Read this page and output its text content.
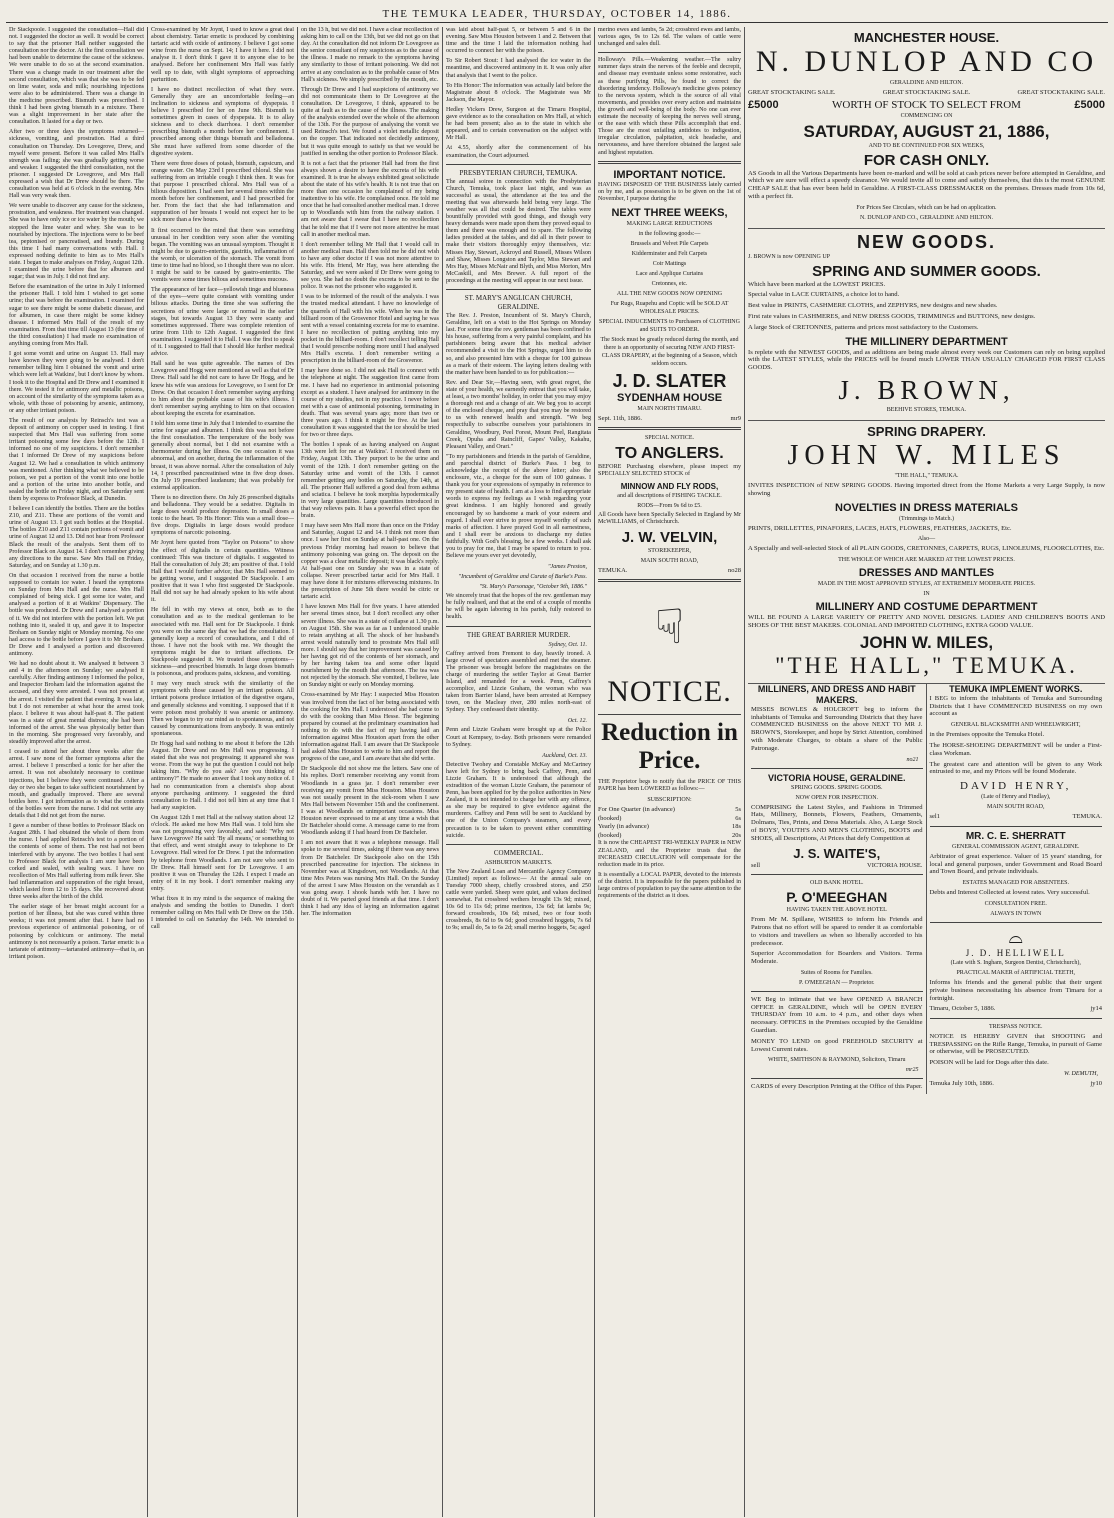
THE TEMUKA LEADER, THURSDAY, OCTOBER 14, 1886.

Dr Stackpoole. I suggested the consultation—Hall did not. I suggested the doctor as well. It would be correct to say that the prisoner Hall neither suggested the consultation nor the doctor. At the first consultation we had been unable to determine the cause of the sickness. We were unable to do so at the second examination. There was a change made in our treatment after the second consultation, which was that she was to be fed on lime water, soda and milk; nourishing injections were also to be administered. There was a change in the medicine prescribed. Bismuth was prescribed. I think I had been giving bismuth in a mixture. There was a slight improvement in her state after the consultation. It lasted for a day or two.

After two or three days the symptoms returned—sickness, vomiting, and prostration. Had a third consultation on Thursday. Drs Lovegrove, Drew, and myself were present. Before it was called Mrs Hall's strength was failing; she was gradually getting worse and weaker. I suggested the third consultation, not the prisoner. I suggested Dr Lovegrove, and Mrs Hall expressed a wish that Dr Drew should be there. The consultation was held at 6 o'clock in the evening. Mrs Hall was very weak then.

We were unable to discover any cause for the sickness, prostration, and weakness. Her treatment was changed. She was to have only ice or ice water by the mouth; we stopped the lime water and whey. She was to be nourished by injections. The injections were to be beef tea, peptonised or pancreatised, and brandy. During this time I had many conversations with Hall. I expressed nothing definite to him as to Mrs Hall's state. I began to make analyses on Friday, August 12th. I examined the urine before that for albumen and sugar; that was in July. I did not find any.

Before the examination of the urine in July I informed the prisoner Hall. I told him I wished to get some urine; that was before the examination. I examined for sugar to see there might be some diabetic disease, and for albumen, in case there might be some kidney disease. I informed Mrs Hall of the result of my examination. From that time till August 13 (the time of the third consultation) I had made no examination of anything coming from Mrs Hall.

I got some vomit and urine on August 13. Hall may have known they were going to be analysed. I don't remember telling him I obtained the vomit and urine which were left at Watkins', but I don't know by whom. I took it to the Hospital and Dr Drew and I examined it there. We tested it for antimony and metallic poisons, on account of the similarity of the symptoms taken as a whole, with those of poisoning by arsenic, antimony, or any other irritant poison.

The result of our analysis by Reinsch's test was a deposit of antimony on copper used in testing. I first suspected that Mrs Hall was suffering from some irritant poisoning some few days before the 12th. I informed no one of my suspicions. I don't remember that I informed Dr Drew of my suspicions before August 12. We had a consultation in which antimony was mentioned. After thinking what we believed to be poison, we put a portion of the vomit into one bottle and a portion of the urine into another bottle, and sealed the bottle on Friday night, and on Saturday sent them by express to Professor Black, at Dunedin.

I believe I can identify the bottles. There are the bottles Z10, and Z11. These are portions of the vomit and urine of August 13. I got such bottles at the Hospital. The bottles Z10 and Z11 contain portions of vomit and urine of August 12 and 13. Did not hear from Professor Black the result of the analysis. Sent them off to Professor Black on August 14. I don't remember giving any directions to the nurse. Saw Mrs Hall on Friday, Saturday, and on Sunday at 1.30 p.m.

On that occasion I received from the nurse a bottle supposed to contain ice water. I heard the symptoms on Sunday from Mrs Hall and the nurse. Mrs Hall complained of being sick. I got some ice water, and analysed a portion of it at Watkins' Dispensary. The bottle was produced. Dr Drew and I analysed a portion of it. We did not interfere with the portion left. We put nothing into it, sealed it up, and gave it to Inspector Broham on Sunday night or Monday morning. No one had access to the bottle before I gave it to Mr Broham. Dr Drew and I analysed a portion and discovered antimony.

We had no doubt about it. We analysed it between 3 and 4 in the afternoon on Sunday; we analysed it carefully. After finding antimony I informed the police, and Inspector Broham laid the information against the accused, and they were arrested. I was not present at the arrest. I visited the patient that evening. It was late, but I do not remember at what hour the arrest took place. I believe it was about half-past 8. The patient was in a state of great mental distress; she had been informed of the arrest. She was physically better than in the morning. She progressed very favorably, and steadily improved after the arrest.

I ceased to attend her about three weeks after the arrest. I saw none of the former symptoms after the arrest. I believe I prescribed a tonic for her after the arrest. It was not absolutely necessary to continue injections, but I believe they were continued. After a day or two she began to take sufficient nourishment by mouth, and gradually improved. There are several bottles here. I got information as to what the contents of the bottles were from the nurse. I did not write any details that I did not get from the nurse.

I gave a number of these bottles to Professor Black on August 28th. I had obtained the whole of them from the nurse. I had applied Reinsch's test to a portion of the contents of some of them. The rest had not been interfered with by anyone. The two bottles I had sent to Professor Black for analysis I am sure have been corked and sealed, with sealing wax. I have no recollection of Mrs Hall suffering from milk fever. She had inflammation and suppuration of the right breast, which lasted from 12 to 15 days. She recovered about three weeks after the birth of the child.

The earlier stage of her breast might account for a portion of her illness, but she was cured within three weeks; it was not present after that. I have had no previous experience of antimonial poisoning, or of poisoning by colchicum or antimony. The metal antimony is not necessarily a poison. Tartar emetic is a tartarate of antimony—tartarated antimony—that is, an irritant poison.

Cross-examined by Mr Joynt, I used to know a great deal about chemistry. Tartar emetic is produced by combining tartaric acid with oxide of antimony. I believe I got some wine from the nurse on Sept. 14; I have it here. I did not analyse it. I don't think I gave it to anyone else to be analysed. Before her confinement Mrs Hall was fairly well up to date, with slight symptoms of approaching parturition.

I have no distinct recollection of what they were. Generally they are an uncomfortable feeling—an inclination to sickness and symptoms of dyspepsia. I believe I prescribed for her on June 9th. Bismuth is sometimes given in cases of dyspepsia. It is to allay sickness and to check diarrhoea. I don't remember prescribing bismuth a month before her confinement. I prescribed among other things bismuth and belladonna. She must have suffered from some disorder of the digestive system.

There were three doses of potash, bismuth, capsicum, and orange water. On May 23rd I prescribed chloral. She was suffering from an irritable cough I think then. It was for that purpose I prescribed chloral. Mrs Hall was of a bilious disposition. I had seen her several times within the month before her confinement, and I had prescribed for her. From the fact that she had inflammation and suppuration of her breasts I would not expect her to be sick more than a few hours.

It first occurred to the mind that there was something unusual in her condition very soon after the vomiting began. The vomiting was an unusual symptom. Thought it might be due to gastro-enteritis, gastritis, inflammation of the womb, or ulceration of the stomach. The vomit from time to time had no blood, so I thought there was no ulcer. I might be said to be caused by gastro-enteritis. The vomits were some times bilious and sometimes mucous.

The appearance of her face—yellowish tinge and blueness of the eyes—were quite constant with vomiting under bilious attacks. During the time she was suffering the secretions of urine were large or normal in the earlier stages, but towards August 13 they were scanty and sometimes suppressed. There was complete retention of urine from 11th to 12th August. I suggested the first examination. I suggested it to Hall. I was the first to speak of it. I suggested to Hall that I should like further medical advice.

Hall said he was quite agreeable. The names of Drs Lovegrove and Hogg were mentioned as well as that of Dr Drew. Hall said he did not care to have Dr Hogg, and he knew his wife was anxious for Lovegrove, so I sent for Dr Drew. On that occasion I don't remember saying anything to him about the probable cause of his wife's illness. I don't remember saying anything to him on that occasion about keeping the excreta for examination.

I told him some time in July that I intended to examine the urine for sugar and albumen. I think this was not before the first consultation. The temperature of the body was generally about normal, but I did not examine with a thermometer during her illness. On one occasion it was abnormal, and on another, during the inflammation of the breast, it was above normal. After the consultation of July 14, I prescribed pancreatinised wine in five drop doses. On July 19 prescribed laudanum; that was probably for external application.

There is no direction there. On July 26 prescribed digitalis and belladonna. They would be a sedative. Digitalis in large doses would produce depression. In small doses a tonic to the heart. To His Honor: This was a small dose—five drops. Digitalis in large doses would produce symptoms of narcotic poisoning.

Mr Joynt here quoted from "Taylor on Poisons" to show the effect of digitalis in certain quantities. Witness continued: This was tincture of digitalis. I suggested to Hall the consultation of July 28; am positive of that. I told Hall that I would further advice; that Mrs Hall seemed to be getting worse, and I suggested Dr Stackpoole. I am positive that it was I who first suggested Dr Stackpoole. Hall did not say he had already spoken to his wife about it.

He fell in with my views at once, both as to the consultation and as to the medical gentleman to be associated with me. Hall sent for Dr Stackpoole. I think you were on the same day that we had the consultation. I generally keep a record of consultations, and I did of those. I have not the book with me. We thought the symptoms might be due to irritant affections. Dr Stackpoole suggested it. We treated those symptoms—sickness—and prescribed bismuth. In large doses bismuth is poisonous, and produces pains, sickness, and vomiting.

I may very much struck with the similarity of the symptoms with those caused by an irritant poison. All irritant poisons produce irritation of the digestive organs, and generally sickness and vomiting. I supposed that if it were poison most probably it was arsenic or antimony. Then we began to try our mind as to spontaneous, and not caused by communications from anybody. It was entirely spontaneous.

Dr Hogg had said nothing to me about it before the 12th August. Dr Drew and no Mrs Hall was progressing. I stated that she was not progressing; it appeared she was worse. From the way he put the question I could not help taking him. "Why do you ask? Are you thinking of antimony?" He made no answer that I took any notice of. I had no communication from a chemist's shop about anyone purchasing antimony. I suggested the third consultation to Hall. I did not tell him at any time that I had any suspicion.

On August 12th I met Hall at the railway station about 12 o'clock. He asked me how Mrs Hall was. I told him she was not progressing very favorably, and said: "Why not have Lovegrove? He said: 'By all means,' or something to that effect, and went straight away to telephone to Dr Lovegrove. Hall wired for Dr Drew. I put the information by telephone from Woodlands. I am not sure who sent to Dr Drew. Hall himself sent for Dr Lovegrove. I am positive it was on Thursday the 12th. I expect I made an entry of it in my book. I don't remember making any entry.

What fixes it in my mind is the sequence of making the analysis and sending the bottles to Dunedin. I don't remember calling on Mrs Hall with Dr Drew on the 15th. I intended to call on Saturday the 14th. We intended to call

on the 13 h, but we did not. I have a clear recollection of asking him to call on the 13th, but we did not go on that day. At the consultation did not inform Dr Lovegrove as the senior consultant of my suspicions as to the cause of the illness. I made no remark to the symptoms having any similarity to those of irritant poisoning. We did not arrive at any conclusion as to the probable cause of Mrs Hall's sickness. We simply prescribed by the mouth, etc.

Through Dr Drew and I had suspicions of antimony we did not communicate them to Dr Lovegrove at the consultation. Dr Lovegrove, I think, appeared to be quite at fault as to the cause of the illness. The making of the analysis extended over the whole of the afternoon of the 13th. For the purpose of analysing the vomit we used Reinsch's test. We found a violet metallic deposit on the copper. That indicated not decidedly antimony, but it was quite enough to satisfy us that we would be justified in sending the other portion to Professor Black.

It is not a fact that the prisoner Hall had from the first always shown a desire to have the excreta of his wife examined. It is true he always exhibited great solicitude about the state of his wife's health. It is not true that on more than one occasion he complained of my being inattentive to his wife. He complained once. He told me once that he had consulted another medical man. I drove up to Woodlands with him from the railway station. I am not aware that I swear that I have no recollection that he told me that if I were not more attentive he must call in another medical man.

I don't remember telling Mr Hall that I would call in another medical man. Hall then told me he did not wish to have any other doctor if I was not more attentive to his wife. His friend, Mr Hay, was here attending the Saturday, and we were asked if Dr Drew were going to see you. She had no doubt the excreta to be sent to the police. It was not the prisoner who suggested it.

I was to be informed of the result of the analysis. I was the trusted medical attendant. I have no knowledge of the quarrels of Hall with his wife. When he was in the billiard room of the Grosvenor Hotel and saying he was sent with a vessel containing excreta for me to examine. I have no recollection of putting anything into my pocket in the billiard-room. I don't recollect telling Hall that I would prescribe nothing more until I had analysed Mrs Hall's excreta. I don't remember writing a prescription in the billiard-room of the Grosvenor.

I may have done so. I did not ask Hall to connect with the telephone at night. The suggestion first came from me. I have had no experience in antimonial poisoning except as a student. I have analysed for antimony in the course of my studies, not in my practice. I never before met with a case of antimonial poisoning, terminating in death. That was several years ago; more than two or three years ago. I think it might be five. At the last consultation it was suggested that the ice should be tried for two or three days.

The bottles I speak of as having analysed on August 13th were left for me at Watkins'. I received them on Friday, August 13th. They purport to be the urine and vomit of the 12th. I don't remember getting on the Saturday urine and vomit of the 13th. I cannot remember getting any bottles on Saturday, the 14th, at all. The prisoner Hall suffered a good deal from asthma and sciatica. I believe he took morphia hypodermically in very large quantities. Large quantities introduced in that way relieves pain. It has a powerful effect upon the brain.

I may have seen Mrs Hall more than once on the Friday and Saturday, August 12 and 14. I think not more than once. I saw her first on Sunday at half-past one. On the previous Friday morning had reason to believe that antimony poisoning was going on. The deposit on the copper was a clear metallic deposit; it was black's reply. At half-past one on Sunday she was in a state of collapse. Never prescribed tartar acid for Mrs Hall. I may have done it for mixtures effervescing mixtures. In the prescription of June 5th there would be citric or tartaric acid.

I have known Mrs Hall for five years. I have attended her several times since, but I don't recollect any other severe illness. She was in a state of collapse at 1.30 p.m. on August 15th. She was as far as I understood unable to retain anything at all. The shock of her husband's arrest would naturally tend to prostrate Mrs Hall still more. I should say that her improvement was caused by her having got rid of the contents of her stomach, and by her having taken tea and some other liquid nourishment by the mouth that afternoon. The tea was not rejected by the stomach. She vomited, I believe, late on Sunday night or early on Monday morning.

Cross-examined by Mr Hay: I suspected Miss Houston was involved from the fact of her being associated with the cooking for Mrs Hall. I understood she had come to do with the cooking than Miss Hesse. The beginning prepared by counsel at the preliminary examination had nothing to do with the fact of my having laid an information against Miss Houston apart from the other information against Hall. I am aware that Dr Stackpoole had asked Miss Houston to write to him and report the progress of the case, and I am aware that she did write.

Dr Stackpoole did not show me the letters. Saw one of his replies. Don't remember receiving any vomit from Woodlands in a grass jar. I don't remember ever receiving any vomit from Miss Houston. Miss Houston was not usually present in the sick-room when I saw Mrs Hall between November 15th and the confinement. I was at Woodlands on unimportant occasions. Miss Houston never expressed to me at any time a wish that Dr Batcheler should come. A message came to me from Woodlands asking if I had heard from Dr Batcheler.

I am not aware that it was a telephone message. Hall spoke to me several times, asking if there was any news from Dr Batcheler. Dr Stackpoole also on the 15th prescribed pancreatine for injection. The sickness in November was at Kingsdown, not Woodlands. At that time Mrs Peters was nursing Mrs Hall. On the Sunday of the arrest I saw Miss Houston on the verandah as I was going away. I shook hands with her. I have no doubt of it. We parted good friends at that time. I don't think I had any idea of laying an information against her. The information

was laid about half-past 5, or between 5 and 6 in the evening. Saw Miss Houston between 1 and 2. Between that time and the time I laid the information nothing had occurred to connect her with the poison.

To Sir Robert Stout: I had analysed the ice water in the meantime, and discovered antimony in it. It was only after that analysis that I went to the police.

To His Honor: The information was actually laid before the Magistrate about 8 o'clock. The Magistrate was Mr Jackson, the Mayor.

Hedley Vickers Drew, Surgeon at the Timaru Hospital, gave evidence as to the consultation on Mrs Hall, at which he had been present; also as to the state in which she appeared, and to certain conversation on the subject with Mr Hall.

At 4.55, shortly after the commencement of his examination, the Court adjourned.

PRESBYTERIAN CHURCH, TEMUKA.

The annual soiree in connection with the Presbyterian Church, Temuka, took place last night, and was as successful as usual, the attendance at the tea and the meeting that was afterwards held being very large. The weather was all that could be desired. The tables were bountifully provided with good things, and though very heavy demands were made upon them they proved equal to them and there was enough and to spare. The following ladies presided at the tables, and did all in their power to make their visitors thoroughly enjoy themselves, viz: Misses Hay, Stewart, Ackroyd and Russell, Misses Wilson and Shaw, Misses Longston and Taylor, Miss Stewart and Mrs Hay, Misses McNair and Blyth, and Miss Morton, Mrs McCaskill, and Mrs Brewer. A full report of the proceedings at the meeting will appear in our next issue.

ST. MARY'S ANGLICAN CHURCH, GERALDINE.

The Rev. J. Preston, Incumbent of St. Mary's Church, Geraldine, left on a visit to the Hot Springs on Monday last. For some time the rev. gentleman has been confined to his house, suffering from a very painful complaint, and his parishioners being aware that his medical adviser recommended a visit to the Hot Springs, urged him to do so, and also presented him with a cheque for 100 guineas as a mark of their esteem. The laying letters dealing with the matter have been handed to us for publication:—

Rev. and Dear Sir,—Having seen, with great regret, the state of your health, we earnestly entreat that you will take, at least, a two months' holiday, in order that you may enjoy a thorough rest and a change of air. We beg you to accept of the enclosed cheque, and pray that you may be restored to us with renewed health and strength. "We beg respectfully to subscribe ourselves your parishioners in Geraldine, Woodbury, Peel Forest, Mount Peel, Rangitata Creek, Opuha and Raincliff, Gapes' Valley, Kakahu, Pleasant Valley, and Orari."

"To my parishioners and friends in the parish of Geraldine, and parochial district of Burke's Pass. I beg to acknowledge the receipt of the above letter; also the enclosure, viz., a cheque for the sum of 100 guineas. I thank you for your expressions of sympathy in reference to my present state of health. I am at a loss to find appropriate words to express my feelings as I wish regarding your great kindness. I am highly honored and greatly encouraged by so handsome a mark of your esteem and regard. I shall ever strive to prove myself worthy of such marks of affection. I have prayed God in all earnestness, and I shall ever be anxious to discharge my duties faithfully. With God's blessing, be a few weeks. I shall ask you to pray for me, that I may be spared to return to you. Believe me yours ever yet devotedly,

"James Preston,
"Incumbent of Geraldine and Curate of Burke's Pass.
"St. Mary's Parsonage, "October 9th, 1886."

We sincerely trust that the hopes of the rev. gentleman may be fully realised, and that at the end of a couple of months he will be again laboring in his parish, fully restored to health.

THE GREAT BARRIER MURDER.
Sydney, Oct. 11.

Caffrey arrived from Fremont to day, heavily ironed. A large crowd of spectators assembled and met the steamer. The prisoner was brought before the magistrates on the charge of murdering the settler Taylor at Great Barrier Island, and remanded for a week. Penn, Caffrey's accomplice, and Lizzie Graham, the woman who was taken from Barrier Island, have been arrested at Kempsey town, on the Macleay river, 280 miles north-east of Sydney. They confessed their identity.

Oct. 12.

Penn and Lizzie Graham were brought up at the Police Court at Kempsey, to-day. Both prisoners were remanded to Sydney.

Auckland, Oct. 13.

Detective Twohey and Constable McKay and McCartney have left for Sydney to bring back Caffrey, Penn, and Lizzie Graham. It is understood that although the extradition of the woman Lizzie Graham, the paramour of Penn, has been applied for by the police authorities in New Zealand, it is not intended to charge her with any offence, as she may be required to give evidence against the murderers. Caffrey and Penn will be sent to Auckland by one of the Union Company's steamers, and every precaution is to be taken to prevent either committing suicide.

COMMERCIAL.
ASHBURTON MARKETS.

The New Zealand Loan and Mercantile Agency Company (Limited) report as follows:— At the annual sale on Tuesday 7000 sheep, chiefly crossbred stores, and 250 cattle were yarded. Sheep were quiet, and values declined somewhat. Fat crossbred wethers brought 13s 9d; mixed, 10s 6d to 11s 6d; prime merinos, 13s 6d; fat lambs 9s; forward crossbreds, 10s 6d; mixed, two or four tooth crossbreds, 8s 6d to 9s 6d; good crossbred hoggets, 7s 6d to 9s; small do, 5s to 6s 2d; small merino hoggets, 5s; aged

merino ewes and lambs, 5s 2d; crossbred ewes and lambs, various ages, 9s to 12s 6d. The values of cattle were unchanged and sales dull.

Holloway's Pills.—Weakening weather.—The sultry summer days strain the nerves of the feeble and decrepit, and disease may eventuate unless some restorative, such as these purifying Pills, be found to correct the disordering tendency. Holloway's medicine gives potency to the nervous system, which is the source of all vital movements, and presides over every action and maintains the growth and well-being of the body. No one can ever estimate the necessity of keeping the nerves well strung, or the ease with which these Pills accomplish that end. Those are the most unfailing antidotes to indigestion, irregular circulation, palpitation, sick headache, and nervousness, and have therefore obtained the largest sale and highest reputation.

IMPORTANT NOTICE.

HAVING DISPOSED OF THE BUSINESS lately carried on by me, and as possession is to be given on the 1st of November, I purpose during the

NEXT THREE WEEKS,
MAKING LARGE REDUCTIONS
in the following goods:—
Brussels and Velvet Pile Carpets
Kidderminster and Felt Carpets
Coir Mattings
Lace and Applique Curtains
Cretonnes, etc.
ALL THE NEW GOODS NOW OPENING
Fur Rugs, Ruapehu and Coptic will be SOLD AT WHOLESALE PRICES.
SPECIAL INDUCEMENTS to Purchasers of CLOTHING and SUITS TO ORDER.
The Stock must be greatly reduced during the month, and there is an opportunity of securing NEW AND FIRST-CLASS DRAPERY, at the beginning of a Season, which seldom occurs.
J. D. SLATER
SYDENHAM HOUSE
MAIN NORTH TIMARU.
Sept. 11th, 1886.	mr9
SPECIAL NOTICE.
TO ANGLERS.

BEFORE Purchasing elsewhere, please inspect my SPECIALLY SELECTED STOCK of

MINNOW AND FLY RODS,
and all descriptions of FISHING TACKLE.
RODS—From 9s 6d to £5.

All Goods have been Specially Selected in England by Mr McWILLIAMS, of Christchurch.

J. W. VELVIN,
STOREKEEPER,
MAIN SOUTH ROAD,
TEMUKA.	no28
☟
NOTICE.
Reduction in Price.

THE Proprietor begs to notify that the PRICE OF THIS PAPER has been LOWERED as follows:—

SUBSCRIPTION:
For One Quarter (in advance)	5s
(booked)	6s
Yearly (in advance)	18s
(booked)	20s

It is now the CHEAPEST TRI-WEEKLY PAPER in NEW ZEALAND, and the Proprietor trusts that the INCREASED CIRCULATION will compensate for the reduction made in its price.

It is essentially a LOCAL PAPER, devoted to the interests of the district. It is impossible for the papers published in large centres of population to pay the same attention to the requirements of the district as it does.

MANCHESTER HOUSE.
N. DUNLOP AND CO
GERALDINE AND HILTON.
GREAT STOCKTAKING SALE.	GREAT STOCKTAKING SALE.	GREAT STOCKTAKING SALE.
£5000	WORTH OF STOCK TO SELECT FROM	£5000
COMMENCING ON
SATURDAY, AUGUST 21, 1886,
AND TO BE CONTINUED FOR SIX WEEKS,
FOR CASH ONLY.

AS Goods in all the Various Departments have been re-marked and will be sold at cash prices never before attempted in Geraldine, and which we are sure will effect a speedy clearance. We would invite all to come and satisfy themselves, that this is the most GENUINE CHEAP SALE that has ever been held in Geraldine. A FIRST-CLASS DRESSMAKER on the premises. Dresses made from 10s 6d, with a perfect fit.

For Prices See Circulars, which can be had on application.
N. DUNLOP AND CO., GERALDINE AND HILTON.
NEW GOODS.
J. BROWN is now OPENING UP
SPRING AND SUMMER GOODS.

Which have been marked at the LOWEST PRICES.

Special value in LACE CURTAINS, a choice lot to hand.

Best value in PRINTS, CASHMERE CLOTHS, and ZEPHYRS, new designs and new shades.

First rate values in CASHMERES, and NEW DRESS GOODS, TRIMMINGS and BUTTONS, new designs.

A large Stock of CRETONNES, patterns and prices most satisfactory to the Customers.

THE MILLINERY DEPARTMENT

Is replete with the NEWEST GOODS, and as additions are being made almost every week our Customers can rely on being supplied with the LATEST STYLES, while the PRICES will be found much LOWER THAN USUALLY CHARGED FOR FIRST CLASS GOODS.

J. BROWN,
BEEHIVE STORES, TEMUKA.
SPRING DRAPERY.
JOHN W. MILES
"THE HALL," TEMUKA.

INVITES INSPECTION of NEW SPRING GOODS. Having imported direct from the Home Markets a very Large Supply, is now showing

NOVELTIES IN DRESS MATERIALS
(Trimmings to Match.)

PRINTS, DRILLETTES, PINAFORES, LACES, HATS, FLOWERS, FEATHERS, JACKETS, Etc.

Also—

A Specially and well-selected Stock of all PLAIN GOODS, CRETONNES, CARPETS, RUGS, LINOLEUMS, FLOORCLOTHS, Etc.

THE WHOLE OF WHICH ARE MARKED AT THE LOWEST PRICES.
DRESSES AND MANTLES
MADE IN THE MOST APPROVED STYLES, AT EXTREMELY MODERATE PRICES.
IN
MILLINERY AND COSTUME DEPARTMENT

WILL BE FOUND A LARGE VARIETY OF PRETTY AND NOVEL DESIGNS. LADIES' AND CHILDREN'S BOOTS AND SHOES OF THE BEST MAKERS. COLONIAL AND IMPORTED CLOTHING, EXTRA GOOD VALUE.

JOHN W. MILES,
"THE HALL," TEMUKA.
MILLINERS, AND DRESS AND HABIT MAKERS.

MISSES BOWLES & HOLCROFT beg to inform the inhabitants of Temuka and Surrounding Districts that they have COMMENCED BUSINESS on the above NEXT TO MR J. BROWN'S, Storekeeper, and hope by Strict Attention, combined with Moderate Charges, to obtain a share of the Public Patronage.

no21
VICTORIA HOUSE, GERALDINE.
SPRING GOODS. SPRING GOODS.
NOW OPEN FOR INSPECTION.

COMPRISING the Latest Styles, and Fashions in Trimmed Hats, Millinery, Bonnets, Flowers, Feathers, Ornaments, Dolmans, Ties, Prints, and Dress Materials. Also, A Large Stock of BOYS', YOUTH'S AND MEN'S CLOTHING, BOOTS and SHOES, all Descriptions, At Prices that defy Competition at

J. S. WAITE'S,
sell	VICTORIA HOUSE.
OLD BANK HOTEL.
P. O'MEEGHAN
HAVING TAKEN THE ABOVE HOTEL

From Mr M. Spillane, WISHES to inform his Friends and Patrons that no effort will be spared to render it as comfortable to visitors and travellers as when so liberally accorded to his predecessor.

Superior Accommodation for Boarders and Visitors. Terms Moderate.

Suites of Rooms for Families.
P. O'MEEGHAN — Proprietor.

WE Beg to intimate that we have OPENED A BRANCH OFFICE in GERALDINE, which will be OPEN EVERY THURSDAY from 10 a.m. to 4 p.m., and other days when necessary. OFFICES in the Premises occupied by the Geraldine Guardian.

MONEY TO LEND on good FREEHOLD SECURITY at Lowest Current rates.

WHITE, SMITHSON & RAYMOND, Solicitors, Timaru
mr25

CARDS of every Description Printing at the Office of this Paper.

TEMUKA IMPLEMENT WORKS.

I BEG to inform the inhabitants of Temuka and Surrounding Districts that I have COMMENCED BUSINESS on my own account as

GENERAL BLACKSMITH AND WHEELWRIGHT,

in the Premises opposite the Temuka Hotel.

The HORSE-SHOEING DEPARTMENT will be under a First-class Workman.

The greatest care and attention will be given to any Work entrusted to me, and my Prices will be found Moderate.

DAVID HENRY,
(Late of Henry and Findlay),
MAIN SOUTH ROAD,
sel1	TEMUKA.
MR. C. E. SHERRATT
GENERAL COMMISSION AGENT, GERALDINE.

Arbitrator of great experience. Valuer of 15 years' standing, for local and general purposes, under Government and Road Board and Town Board, and private individuals.

ESTATES MANAGED FOR ABSENTEES.

Debts and Interest Collected at lowest rates. Very successful.

CONSULTATION FREE.
ALWAYS IN TOWN
⌓
J. D. HELLIWELL
(Late with S. Ingham, Surgeon Dentist, Christchurch),
PRACTICAL MAKER of ARTIFICIAL TEETH,

Informs his friends and the general public that their urgent private business necessitating his absence from Timaru for a fortnight.

Timaru, October 5, 1886.	jy14
TRESPASS NOTICE.

NOTICE IS HEREBY GIVEN that SHOOTING and TRESPASSING on the Rifle Range, Temuka, in pursuit of Game or otherwise, will be PROSECUTED.

POISON will be laid for Dogs after this date.

W. DEMUTH,
Temuka July 10th, 1886.	jy10
